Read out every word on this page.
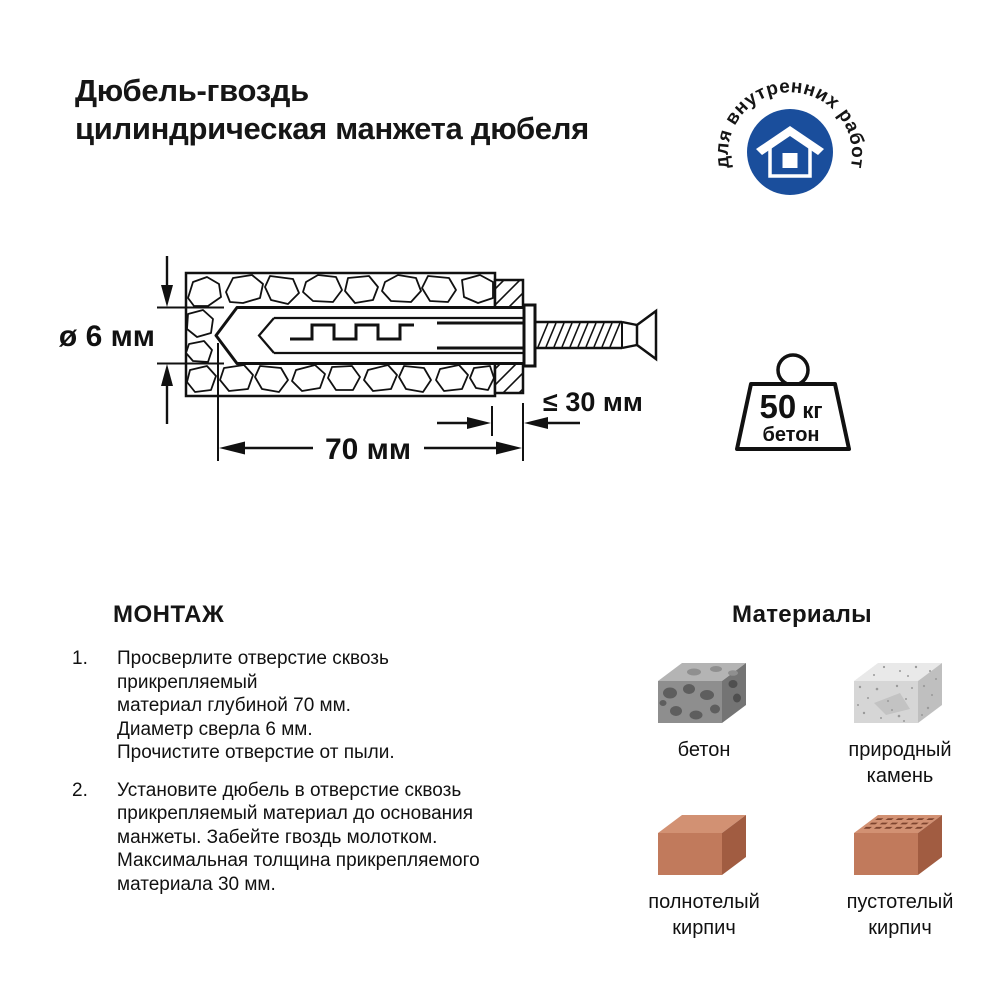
Дюбель-гвоздь
цилиндрическая манжета дюбеля
для внутренних работ
ø 6 мм
70 мм
≤ 30 мм	50 кг
бетон
МОНТАЖ
1.	Просверлите отверстие сквозь прикрепляемый
материал глубиной 70 мм.
Диаметр сверла 6 мм.
Прочистите отверстие от пыли.
2.	Установите дюбель в отверстие сквозь
прикрепляемый материал до основания
манжеты. Забейте гвоздь молотком.
Максимальная толщина прикрепляемого
материала 30 мм.
Материалы
бетон	природный камень
полнотелый кирпич
пустотелый кирпич
